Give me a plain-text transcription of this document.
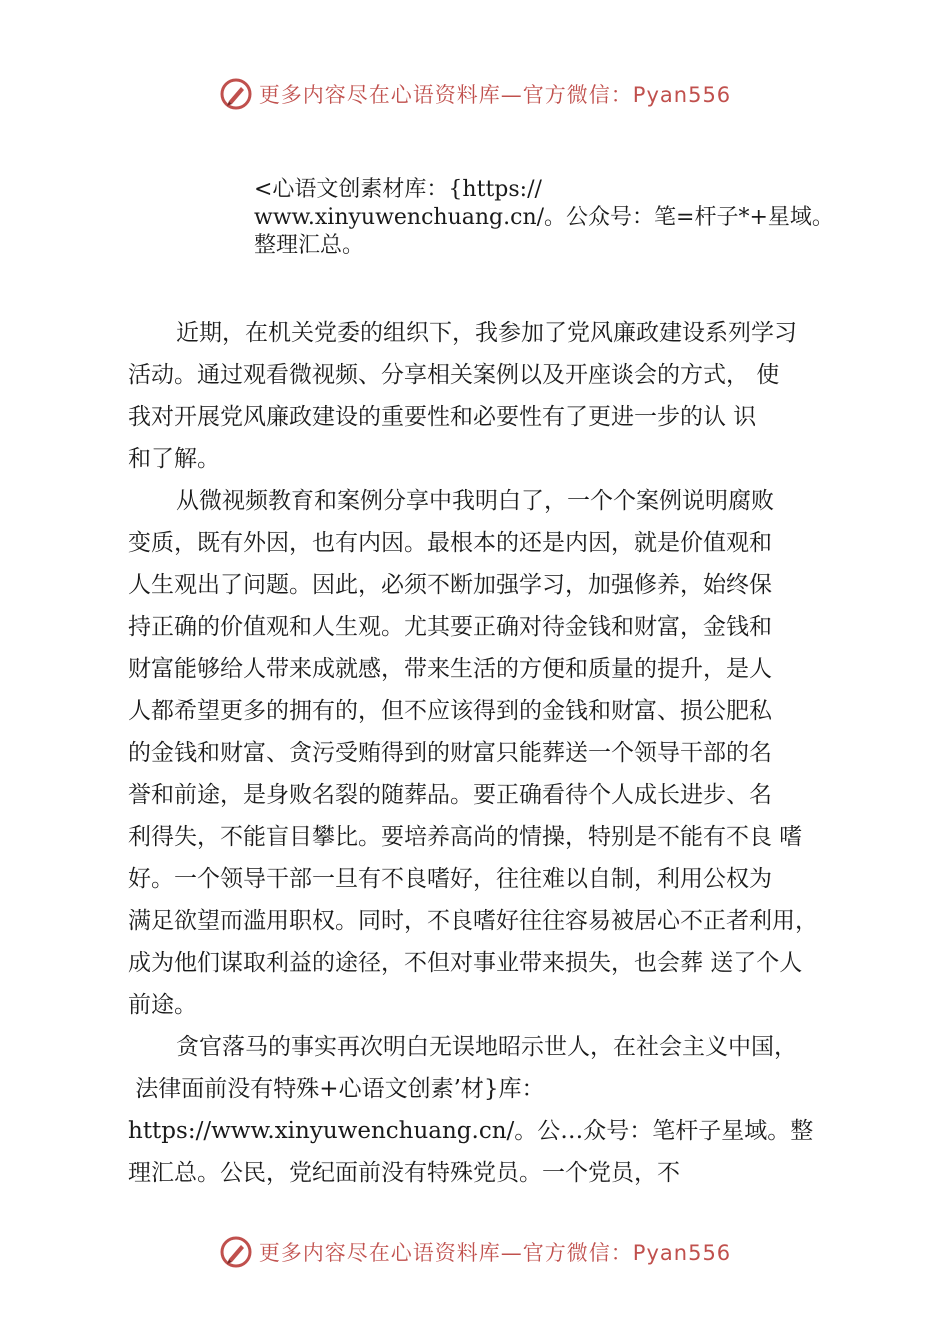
更多内容尽在心语资料库—官方微信：Pyan556
<心语文创素材库：{https://
www.xinyuwenchuang.cn/。公众号：笔=杆子*+星域。
整理汇总。
近期，在机关党委的组织下，我参加了党风廉政建设系列学习
活动。通过观看微视频、分享相关案例以及开座谈会的方式， 使
我对开展党风廉政建设的重要性和必要性有了更进一步的认 识
和了解。
从微视频教育和案例分享中我明白了，一个个案例说明腐败
变质，既有外因，也有内因。最根本的还是内因，就是价值观和
人生观出了问题。因此，必须不断加强学习，加强修养，始终保
持正确的价值观和人生观。尤其要正确对待金钱和财富，金钱和
财富能够给人带来成就感，带来生活的方便和质量的提升，是人
人都希望更多的拥有的，但不应该得到的金钱和财富、损公肥私
的金钱和财富、贪污受贿得到的财富只能葬送一个领导干部的名
誉和前途，是身败名裂的随葬品。要正确看待个人成长进步、名
利得失，不能盲目攀比。要培养高尚的情操，特别是不能有不良 嗜
好。一个领导干部一旦有不良嗜好，往往难以自制，利用公权为
满足欲望而滥用职权。同时，不良嗜好往往容易被居心不正者利用，
成为他们谋取利益的途径，不但对事业带来损失，也会葬 送了个人
前途。
贪官落马的事实再次明白无误地昭示世人，在社会主义中国，
法律面前没有特殊+心语文创素’材}库：
https://www.xinyuwenchuang.cn/。公…众号：笔杆子星域。整
理汇总。公民，党纪面前没有特殊党员。一个党员，不
更多内容尽在心语资料库—官方微信：Pyan556
